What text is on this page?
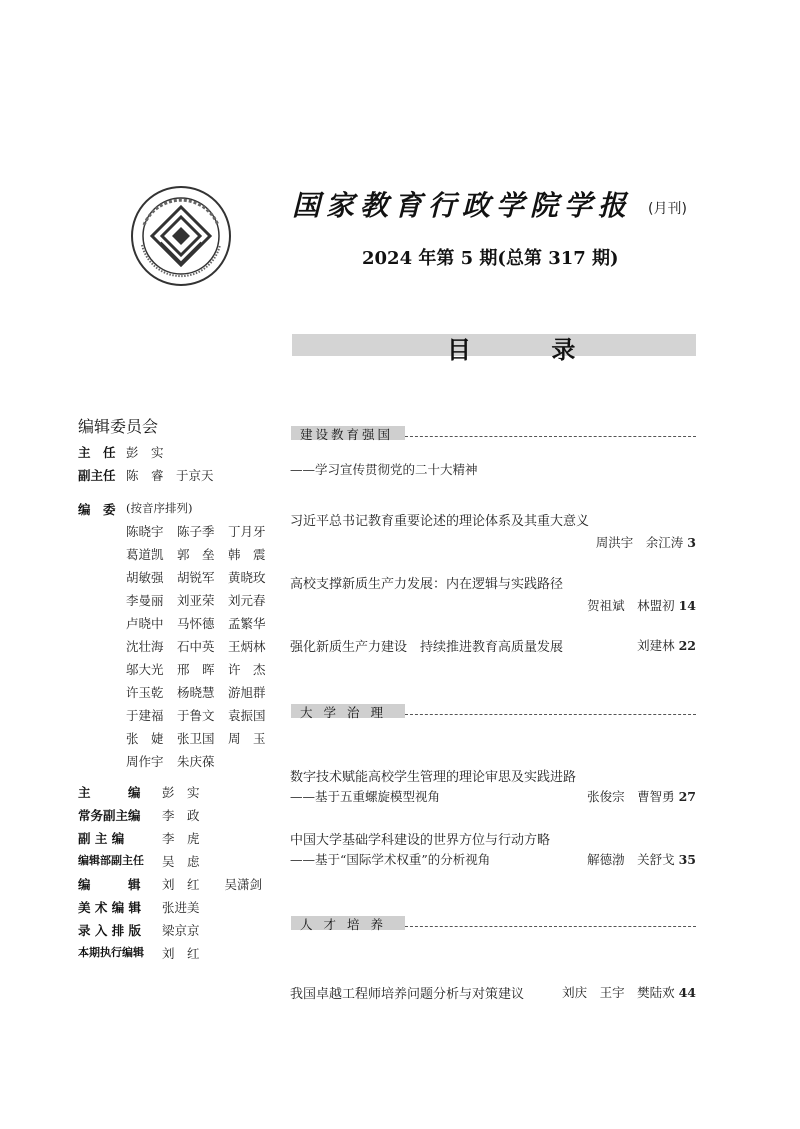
国家教育行政学院学报 (月刊)
2024 年第 5 期(总第 317 期)
目 录
编辑委员会
主　任 彭　实
副主任 陈　睿　于京天
编　委 (按音序排列)
陈晓宇	陈子季	丁月牙
葛道凯	郭　垒	韩　震
胡敏强	胡锐军	黄晓玫
李曼丽	刘亚荣	刘元春
卢晓中	马怀德	孟繁华
沈壮海	石中英	王炳林
邬大光	邢　晖	许　杰
许玉乾	杨晓慧	游旭群
于建福	于鲁文	袁振国
张　婕	张卫国	周　玉
周作宇	朱庆葆
主　　　编 彭　实
常务副主编 李　政
副 主 编	李　虎
编辑部副主任 吴　虑
编　　　辑 刘　红　　吴潇剑
美 术 编 辑 张进美
录 入 排 版 梁京京
本期执行编辑 刘　红
建设教育强国
——学习宣传贯彻党的二十大精神
习近平总书记教育重要论述的理论体系及其重大意义
周洪宇　余江涛 3
高校支撑新质生产力发展：内在逻辑与实践路径
贺祖斌　林盟初 14
强化新质生产力建设　持续推进教育高质量发展	刘建林 22
大学治理
数字技术赋能高校学生管理的理论审思及实践进路
——基于五重螺旋模型视角	张俊宗　曹智勇 27
中国大学基础学科建设的世界方位与行动方略
——基于“国际学术权重”的分析视角	解德渤　关舒戈 35
人才培养
我国卓越工程师培养问题分析与对策建议	刘庆　王宇　樊陆欢 44
